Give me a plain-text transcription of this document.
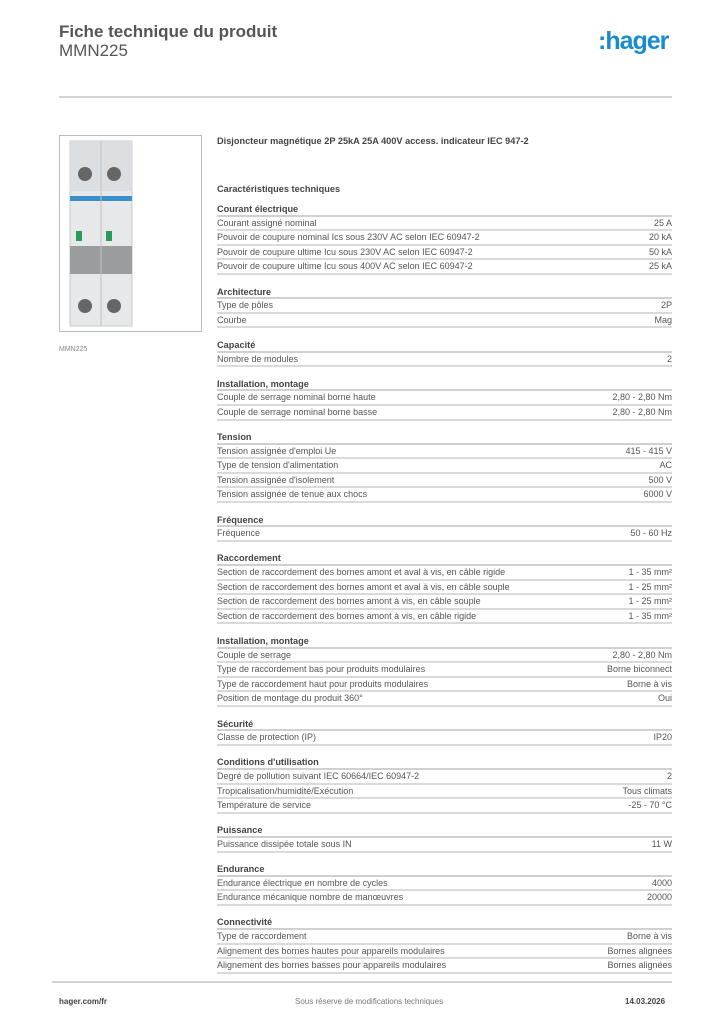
Fiche technique du produit
MMN225	:hager
MMN225
Disjoncteur magnétique 2P 25kA 25A 400V access. indicateur IEC 947-2
Caractéristiques techniques
Courant électrique
Courant assigné nominal	25 A
Pouvoir de coupure nominal Ics sous 230V AC selon IEC 60947-2	20 kA
Pouvoir de coupure ultime Icu sous 230V AC selon IEC 60947-2	50 kA
Pouvoir de coupure ultime Icu sous 400V AC selon IEC 60947-2	25 kA
Architecture
Type de pôles	2P
Courbe	Mag
Capacité
Nombre de modules	2
Installation, montage
Couple de serrage nominal borne haute	2,80 - 2,80 Nm
Couple de serrage nominal borne basse	2,80 - 2,80 Nm
Tension
Tension assignée d'emploi Ue	415 - 415 V
Type de tension d'alimentation	AC
Tension assignée d'isolement	500 V
Tension assignée de tenue aux chocs	6000 V
Fréquence
Fréquence	50 - 60 Hz
Raccordement
Section de raccordement des bornes amont et aval à vis, en câble rigide	1 - 35 mm²
Section de raccordement des bornes amont et aval à vis, en câble souple	1 - 25 mm²
Section de raccordement des bornes amont à vis, en câble souple	1 - 25 mm²
Section de raccordement des bornes amont à vis, en câble rigide	1 - 35 mm²
Installation, montage
Couple de serrage	2,80 - 2,80 Nm
Type de raccordement bas pour produits modulaires	Borne biconnect
Type de raccordement haut pour produits modulaires	Borne à vis
Position de montage du produit 360°	Oui
Sécurité
Classe de protection (IP)	IP20
Conditions d'utilisation
Degré de pollution suivant IEC 60664/IEC 60947-2	2
Tropicalisation/humidité/Exécution	Tous climats
Température de service	-25 - 70 °C
Puissance
Puissance dissipée totale sous IN	11 W
Endurance
Endurance électrique en nombre de cycles	4000
Endurance mécanique nombre de manœuvres	20000
Connectivité
Type de raccordement	Borne à vis
Alignement des bornes hautes pour appareils modulaires	Bornes alignées
Alignement des bornes basses pour appareils modulaires	Bornes alignées
hager.com/fr	Sous réserve de modifications techniques	14.03.2026
